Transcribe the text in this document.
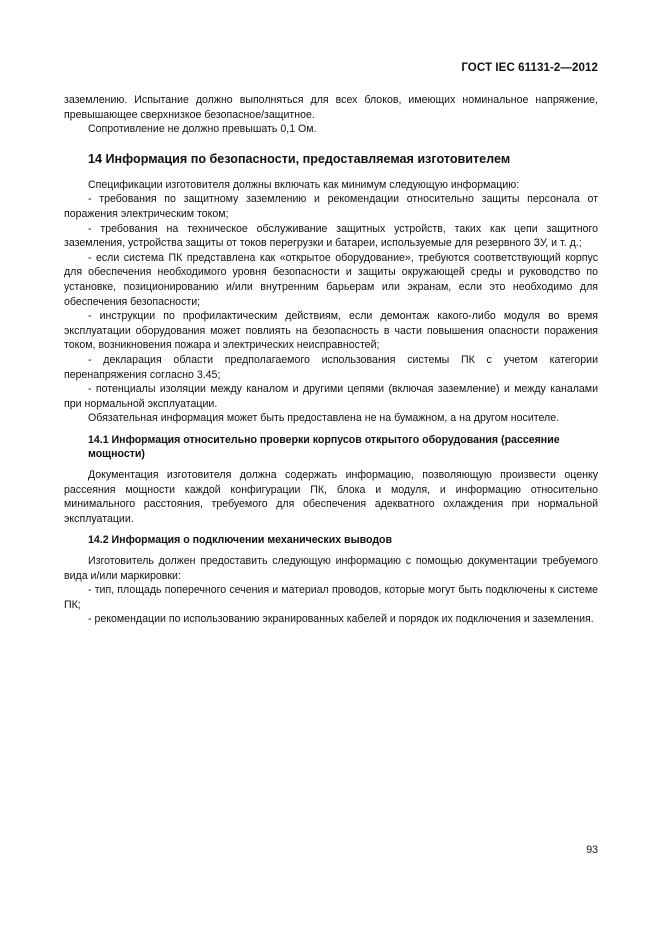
ГОСТ IEC 61131-2—2012

заземлению. Испытание должно выполняться для всех блоков, имеющих номинальное напряжение, превышающее сверхнизкое безопасное/защитное.

Сопротивление не должно превышать 0,1 Ом.

14 Информация по безопасности, предоставляемая изготовителем

Спецификации изготовителя должны включать как минимум следующую информацию:

- требования по защитному заземлению и рекомендации относительно защиты персонала от поражения электрическим током;

- требования на техническое обслуживание защитных устройств, таких как цепи защитного заземления, устройства защиты от токов перегрузки и батареи, используемые для резервного ЗУ, и т. д.;

- если система ПК представлена как «открытое оборудование», требуются соответствующий корпус для обеспечения необходимого уровня безопасности и защиты окружающей среды и руководство по установке, позиционированию и/или внутренним барьерам или экранам, если это необходимо для обеспечения безопасности;

- инструкции по профилактическим действиям, если демонтаж какого-либо модуля во время эксплуатации оборудования может повлиять на безопасность в части повышения опасности поражения током, возникновения пожара и электрических неисправностей;

- декларация области предполагаемого использования системы ПК с учетом категории перенапряжения согласно 3.45;

- потенциалы изоляции между каналом и другими цепями (включая заземление) и между каналами при нормальной эксплуатации.

Обязательная информация может быть предоставлена не на бумажном, а на другом носителе.

14.1 Информация относительно проверки корпусов открытого оборудования (рассеяние мощности)

Документация изготовителя должна содержать информацию, позволяющую произвести оценку рассеяния мощности каждой конфигурации ПК, блока и модуля, и информацию относительно минимального расстояния, требуемого для обеспечения адекватного охлаждения при нормальной эксплуатации.

14.2 Информация о подключении механических выводов

Изготовитель должен предоставить следующую информацию с помощью документации требуемого вида и/или маркировки:

- тип, площадь поперечного сечения и материал проводов, которые могут быть подключены к системе ПК;

- рекомендации по использованию экранированных кабелей и порядок их подключения и заземления.

93
